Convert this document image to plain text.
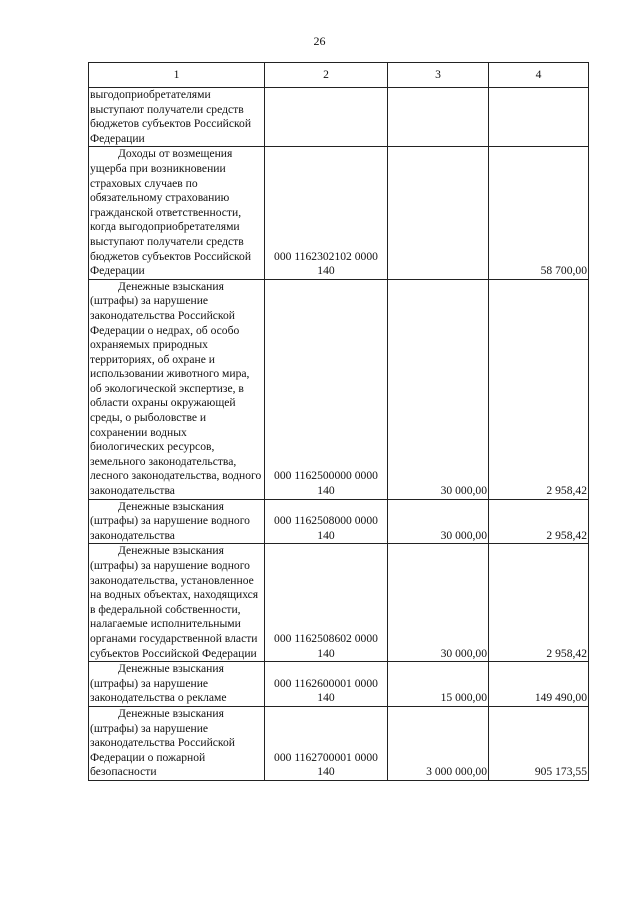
26
1	2	3	4
выгодоприобретателями выступают получатели средств бюджетов субъектов Российской Федерации			
Доходы от возмещения ущерба при возникновении страховых случаев по обязательному страхованию гражданской ответственности, когда выгодоприобретателями выступают получатели средств бюджетов субъектов Российской Федерации	000 1162302102 0000 140		58 700,00
Денежные взыскания (штрафы) за нарушение законодательства Российской Федерации о недрах, об особо охраняемых природных территориях, об охране и использовании животного мира, об экологической экспертизе, в области охраны окружающей среды, о рыболовстве и сохранении водных биологических ресурсов, земельного законодательства, лесного законодательства, водного законодательства	000 1162500000 0000 140	30 000,00	2 958,42
Денежные взыскания (штрафы) за нарушение водного законодательства	000 1162508000 0000 140	30 000,00	2 958,42
Денежные взыскания (штрафы) за нарушение водного законодательства, установленное на водных объектах, находящихся в федеральной собственности, налагаемые исполнительными органами государственной власти субъектов Российской Федерации	000 1162508602 0000 140	30 000,00	2 958,42
Денежные взыскания (штрафы) за нарушение законодательства о рекламе	000 1162600001 0000 140	15 000,00	149 490,00
Денежные взыскания (штрафы) за нарушение законодательства Российской Федерации о пожарной безопасности	000 1162700001 0000 140	3 000 000,00	905 173,55
